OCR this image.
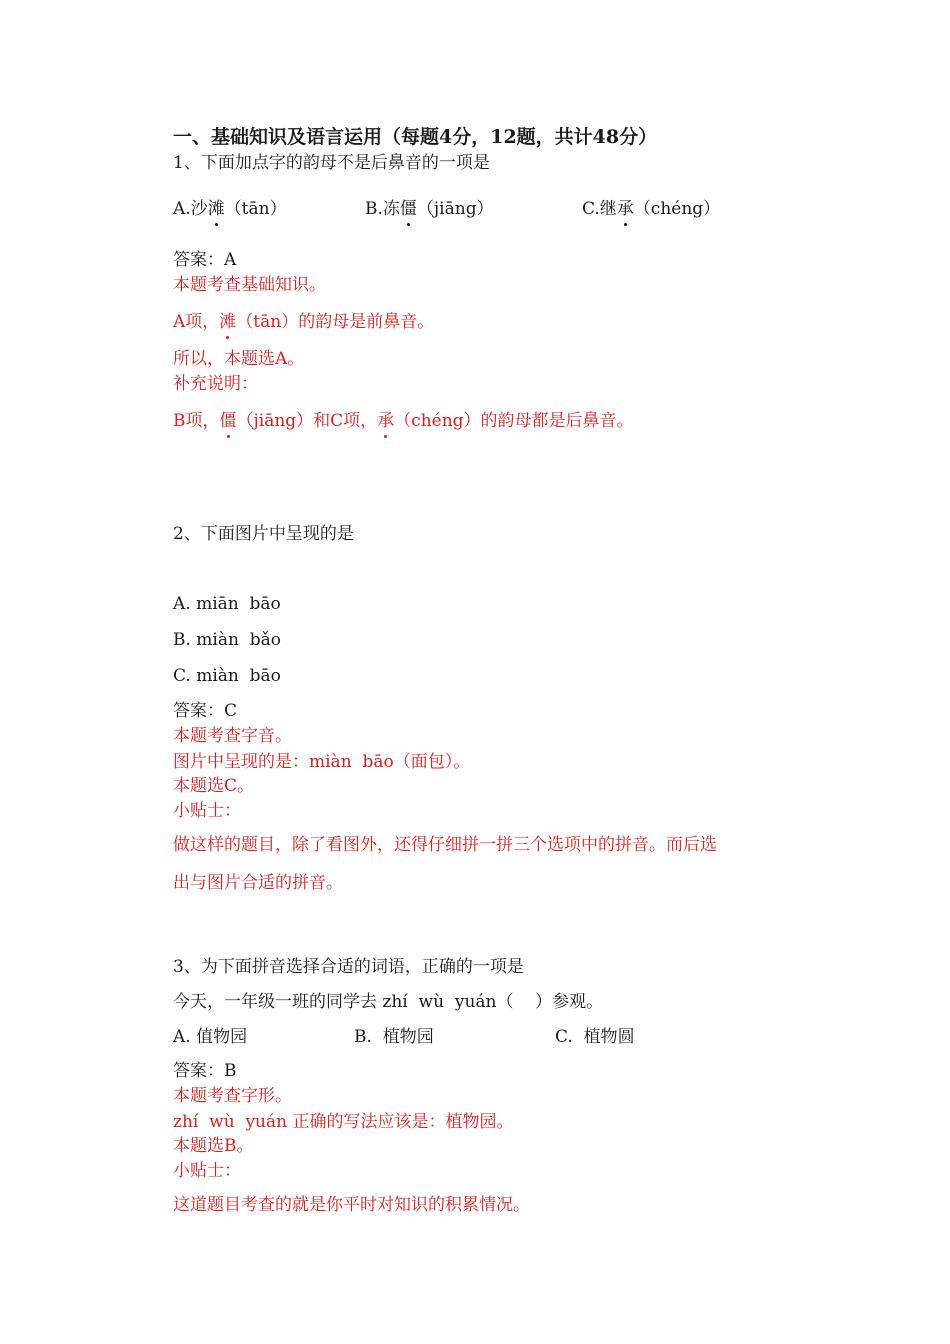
一、基础知识及语言运用（每题4分，12题，共计48分）
1、下面加点字的韵母不是后鼻音的一项是
A.沙滩（tān）	B.冻僵（jiāng）	C.继承（chéng）
答案：A
本题考查基础知识。
A项，滩（tān）的韵母是前鼻音。
所以，本题选A。
补充说明：
B项，僵（jiāng）和C项，承（chéng）的韵母都是后鼻音。
2、下面图片中呈现的是
A. miān  bāo
B. miàn  bǎo
C. miàn  bāo
答案：C
本题考查字音。
图片中呈现的是：miàn  bāo（面包）。
本题选C。
小贴士：
做这样的题目，除了看图外，还得仔细拼一拼三个选项中的拼音。而后选
出与图片合适的拼音。
3、为下面拼音选择合适的词语，正确的一项是
今天，一年级一班的同学去 zhí  wù  yuán（    ）参观。
A. 值物园	B.  植物园	C.  植物圆
答案：B
本题考查字形。
zhí  wù  yuán 正确的写法应该是：植物园。
本题选B。
小贴士：
这道题目考查的就是你平时对知识的积累情况。
